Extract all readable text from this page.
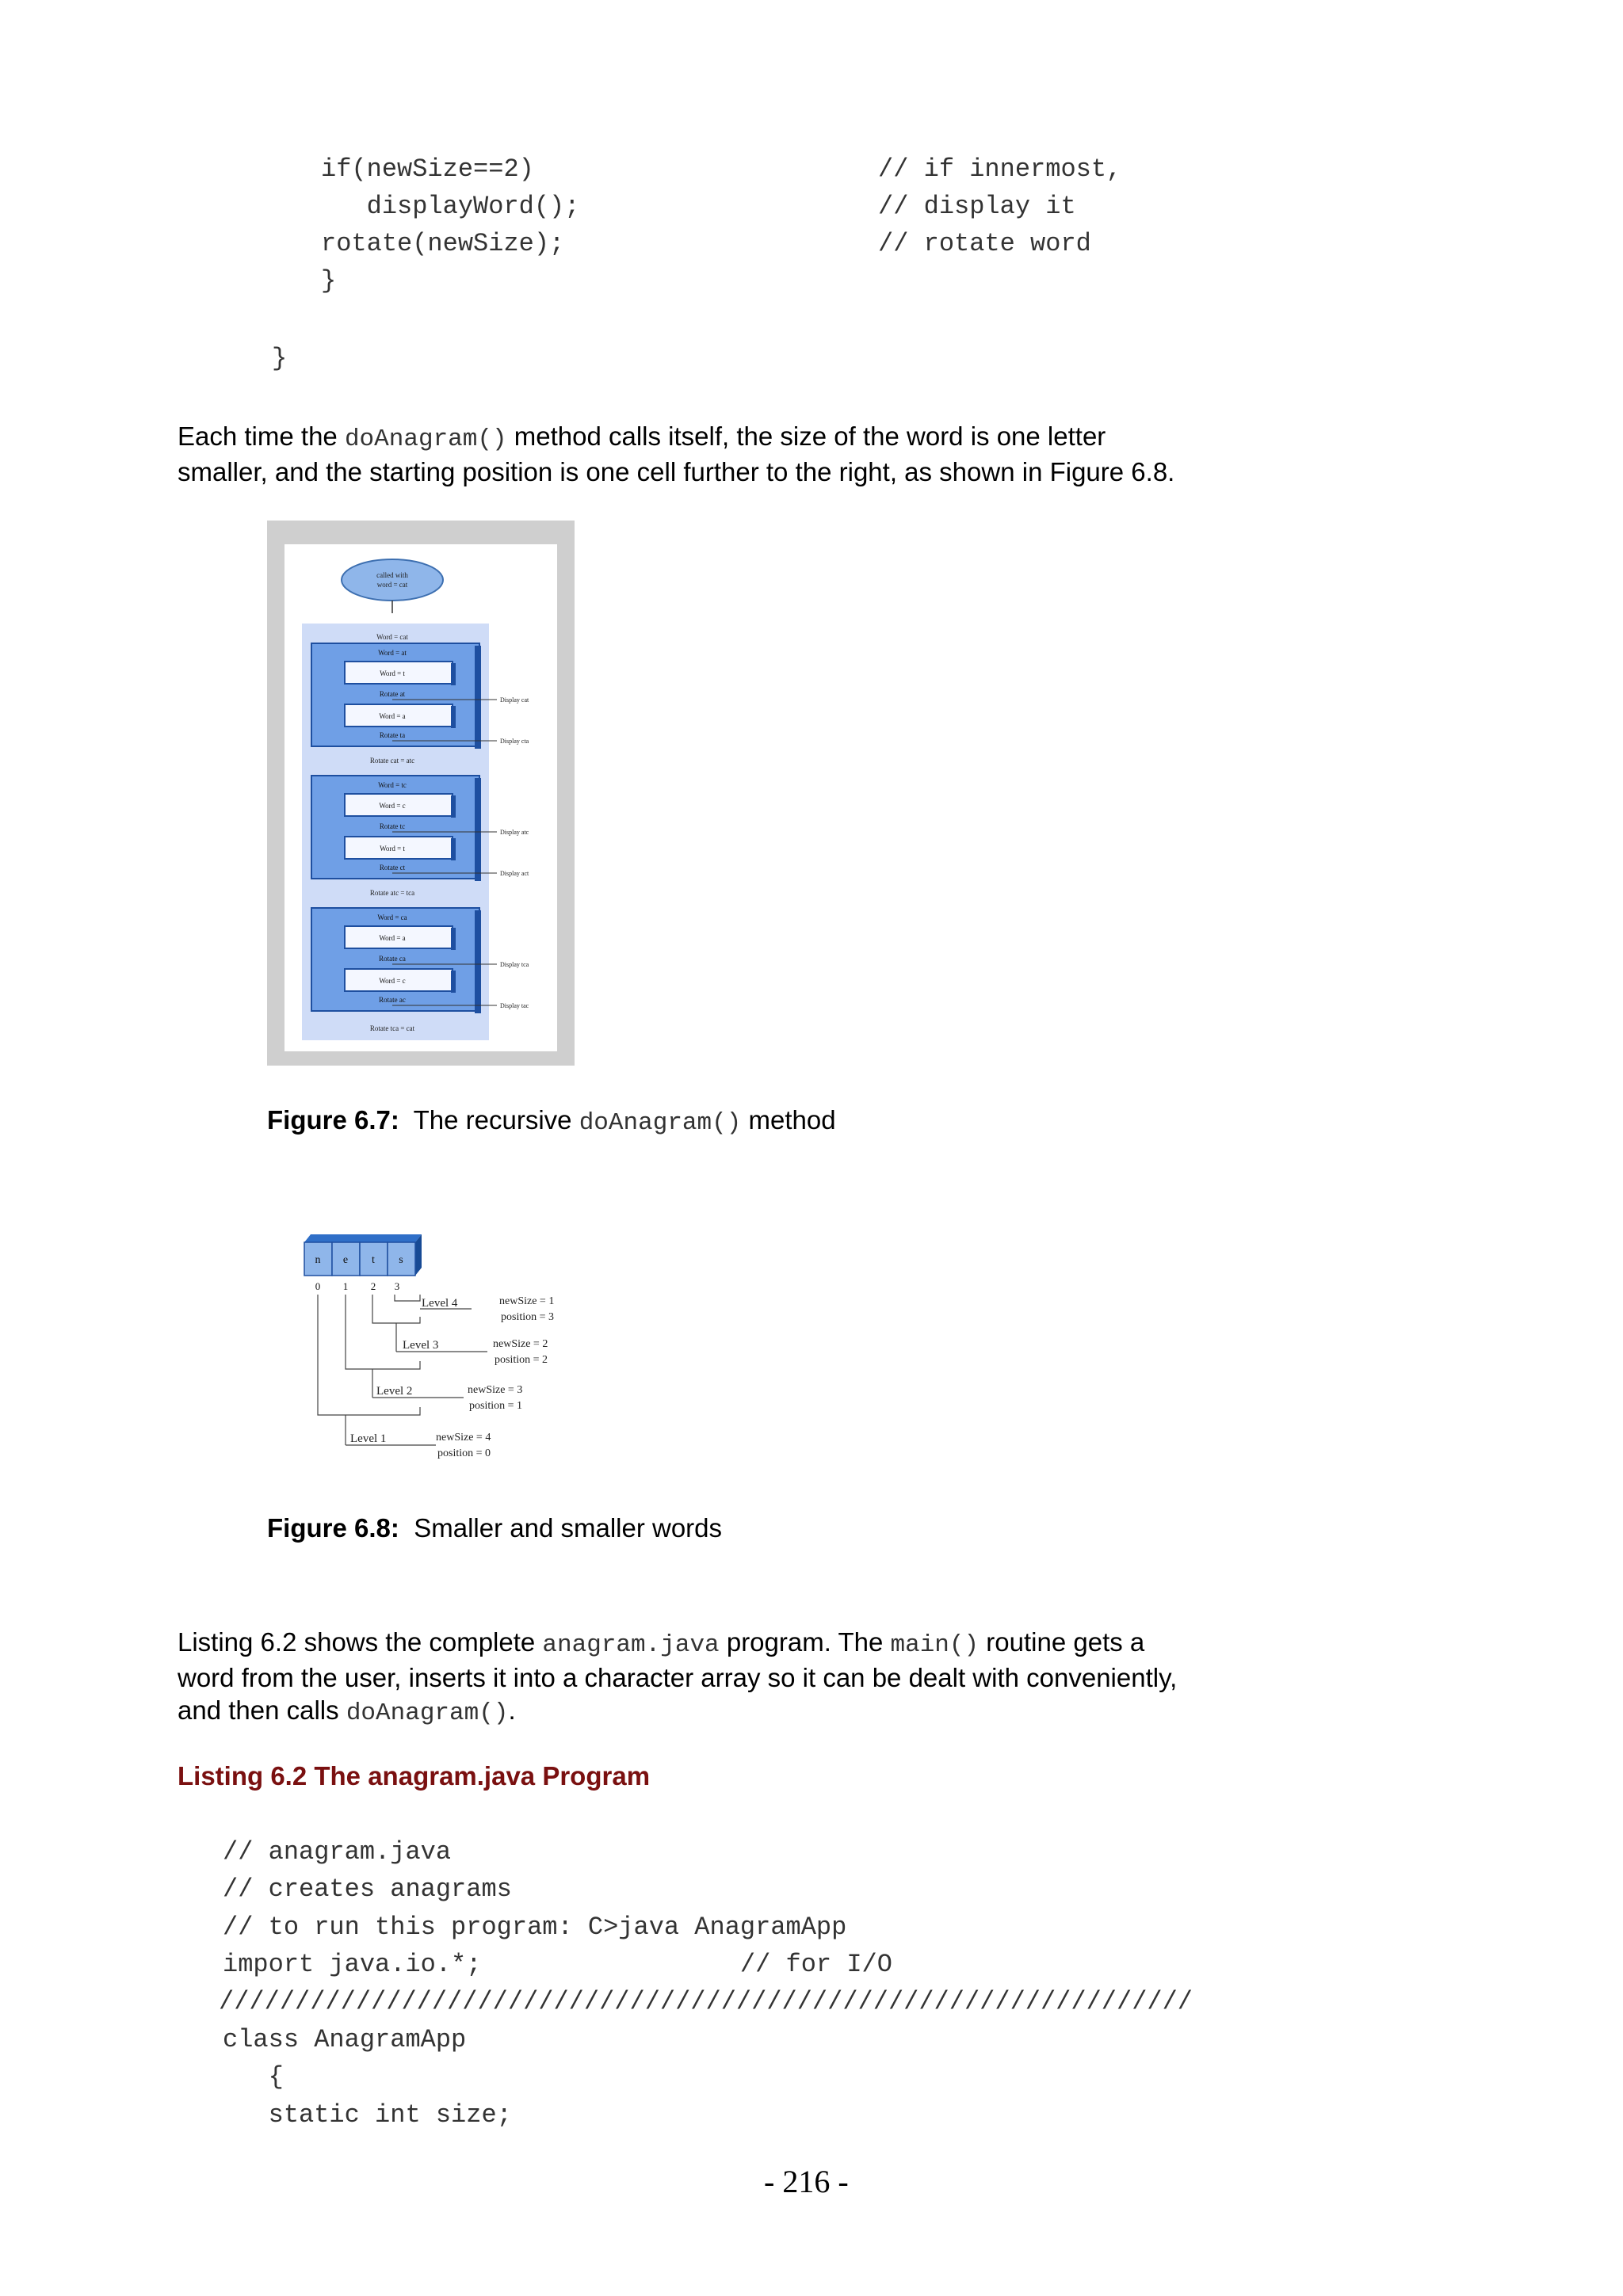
if(newSize==2)	// if innermost,
displayWord();	// display it
rotate(newSize);	// rotate word
}
}
Each time the doAnagram() method calls itself, the size of the word is one letter
smaller, and the starting position is one cell further to the right, as shown in Figure 6.8.
called with
word = cat
Word = cat
Word = at
Word = t
Rotate at
Display cat
Word = a
Rotate ta
Display cta
Rotate cat = atc
Word = tc
Word = c
Rotate tc
Display atc
Word = t
Rotate ct
Display act
Rotate atc = tca
Word = ca
Word = a
Rotate ca
Display tca
Word = c
Rotate ac
Display tac
Rotate tca = cat
Figure 6.7: The recursive doAnagram() method
n e t s
0 1 2 3
Level 4	newSize = 1
position = 3
Level 3	newSize = 2
position = 2
Level 2	newSize = 3
position = 1
Level 1	newSize = 4
position = 0
Figure 6.8: Smaller and smaller words
Listing 6.2 shows the complete anagram.java program. The main() routine gets a
word from the user, inserts it into a character array so it can be dealt with conveniently,
and then calls doAnagram().
Listing 6.2 The anagram.java Program
// anagram.java
// creates anagrams
// to run this program: C>java AnagramApp
import java.io.*;                 // for I/O
////////////////////////////////////////////////////////////////
class AnagramApp
{
static int size;
- 216 -
